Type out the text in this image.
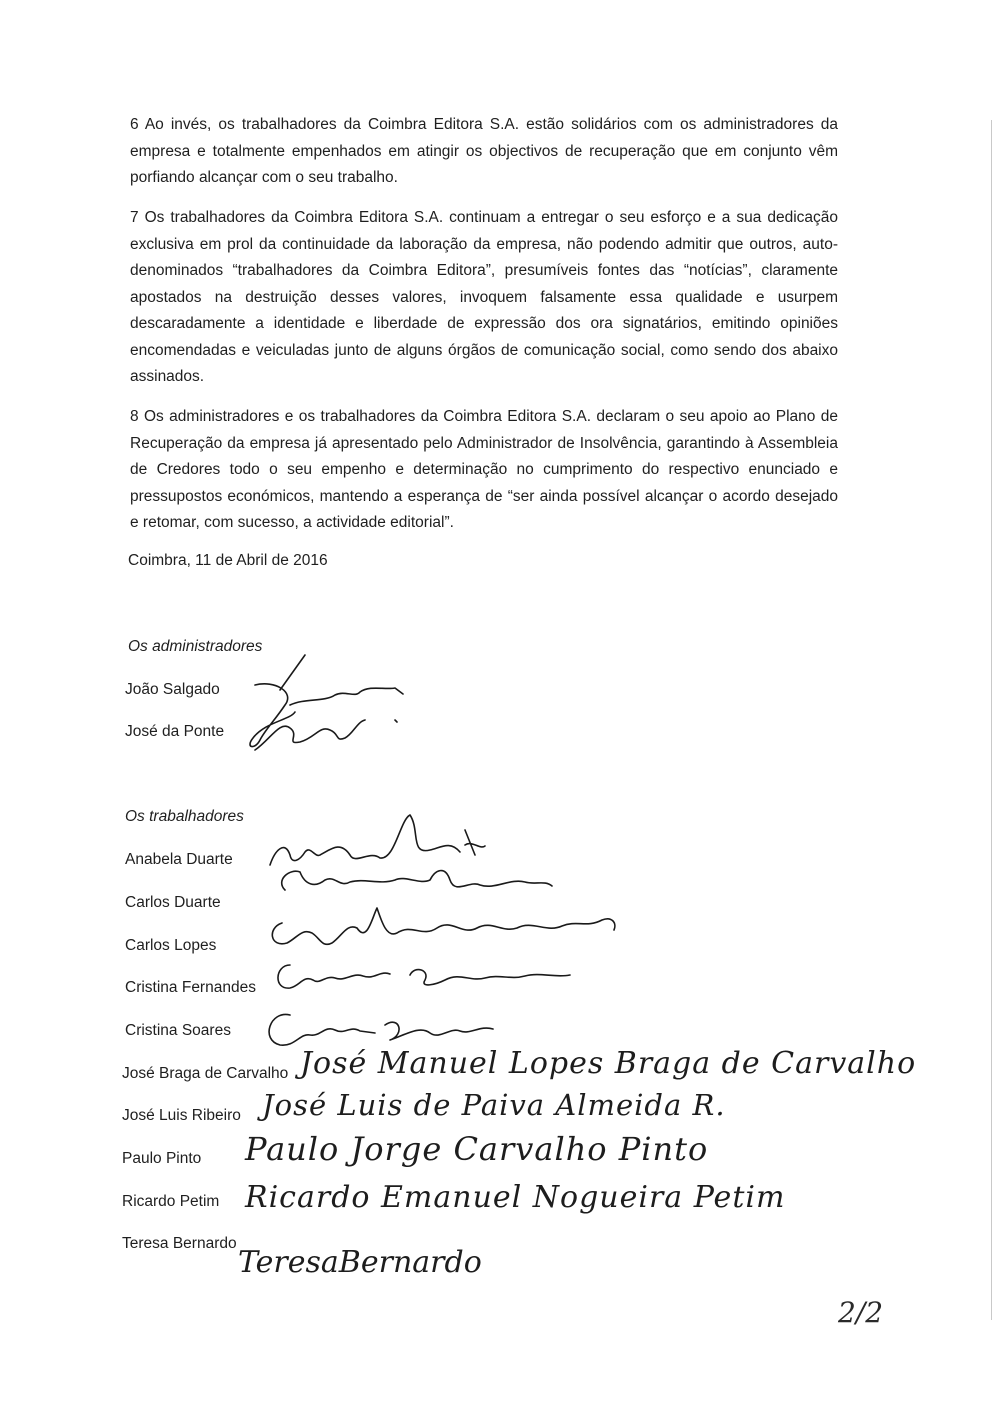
6 Ao invés, os trabalhadores da Coimbra Editora S.A. estão solidários com os administradores da empresa e totalmente empenhados em atingir os objectivos de recuperação que em conjunto vêm porfiando alcançar com o seu trabalho.

7 Os trabalhadores da Coimbra Editora S.A. continuam a entregar o seu esforço e a sua dedicação exclusiva em prol da continuidade da laboração da empresa, não podendo admitir que outros, auto-denominados “trabalhadores da Coimbra Editora”, presumíveis fontes das “notícias”, claramente apostados na destruição desses valores, invoquem falsamente essa qualidade e usurpem descaradamente a identidade e liberdade de expressão dos ora signatários, emitindo opiniões encomendadas e veiculadas junto de alguns órgãos de comunicação social, como sendo dos abaixo assinados.

8 Os administradores e os trabalhadores da Coimbra Editora S.A. declaram o seu apoio ao Plano de Recuperação da empresa já apresentado pelo Administrador de Insolvência, garantindo à Assembleia de Credores todo o seu empenho e determinação no cumprimento do respectivo enunciado e pressupostos económicos, mantendo a esperança de “ser ainda possível alcançar o acordo desejado e retomar, com sucesso, a actividade editorial”.

Coimbra, 11 de Abril de 2016
Os administradores
João Salgado
José da Ponte
Os trabalhadores
Anabela Duarte
Carlos Duarte
Carlos Lopes
Cristina Fernandes
Cristina Soares
José Braga de Carvalho
José Luis Ribeiro
Paulo Pinto
Ricardo Petim
Teresa Bernardo
José Manuel Lopes Braga de Carvalho
José Luis de Paiva Almeida R.
Paulo Jorge Carvalho Pinto
Ricardo Emanuel Nogueira Petim
TeresaBernardo
2/2
